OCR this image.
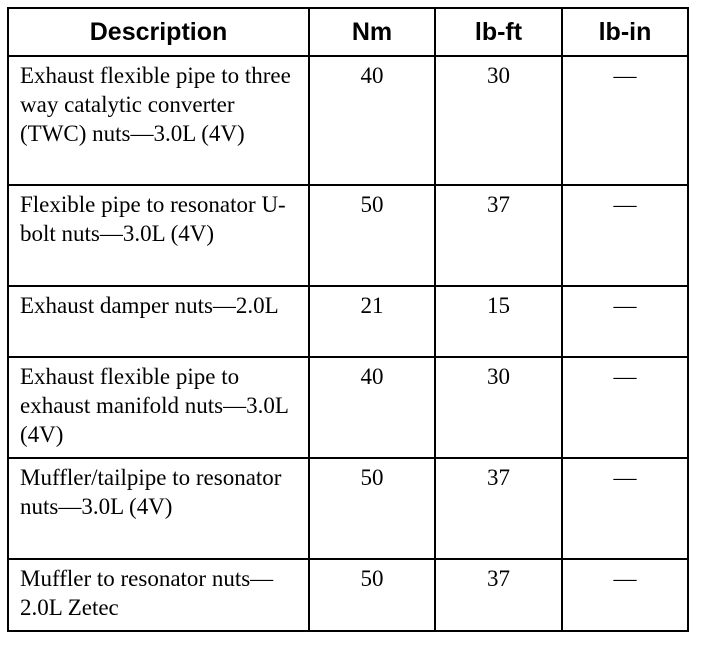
Description	Nm	lb-ft	lb-in
Exhaust flexible pipe to three way catalytic converter (TWC) nuts—3.0L (4V)	40	30	—
Flexible pipe to resonator U-bolt nuts—3.0L (4V)	50	37	—
Exhaust damper nuts—2.0L	21	15	—
Exhaust flexible pipe to exhaust manifold nuts—3.0L (4V)	40	30	—
Muffler/tailpipe to resonator nuts—3.0L (4V)	50	37	—
Muffler to resonator nuts—2.0L Zetec	50	37	—
